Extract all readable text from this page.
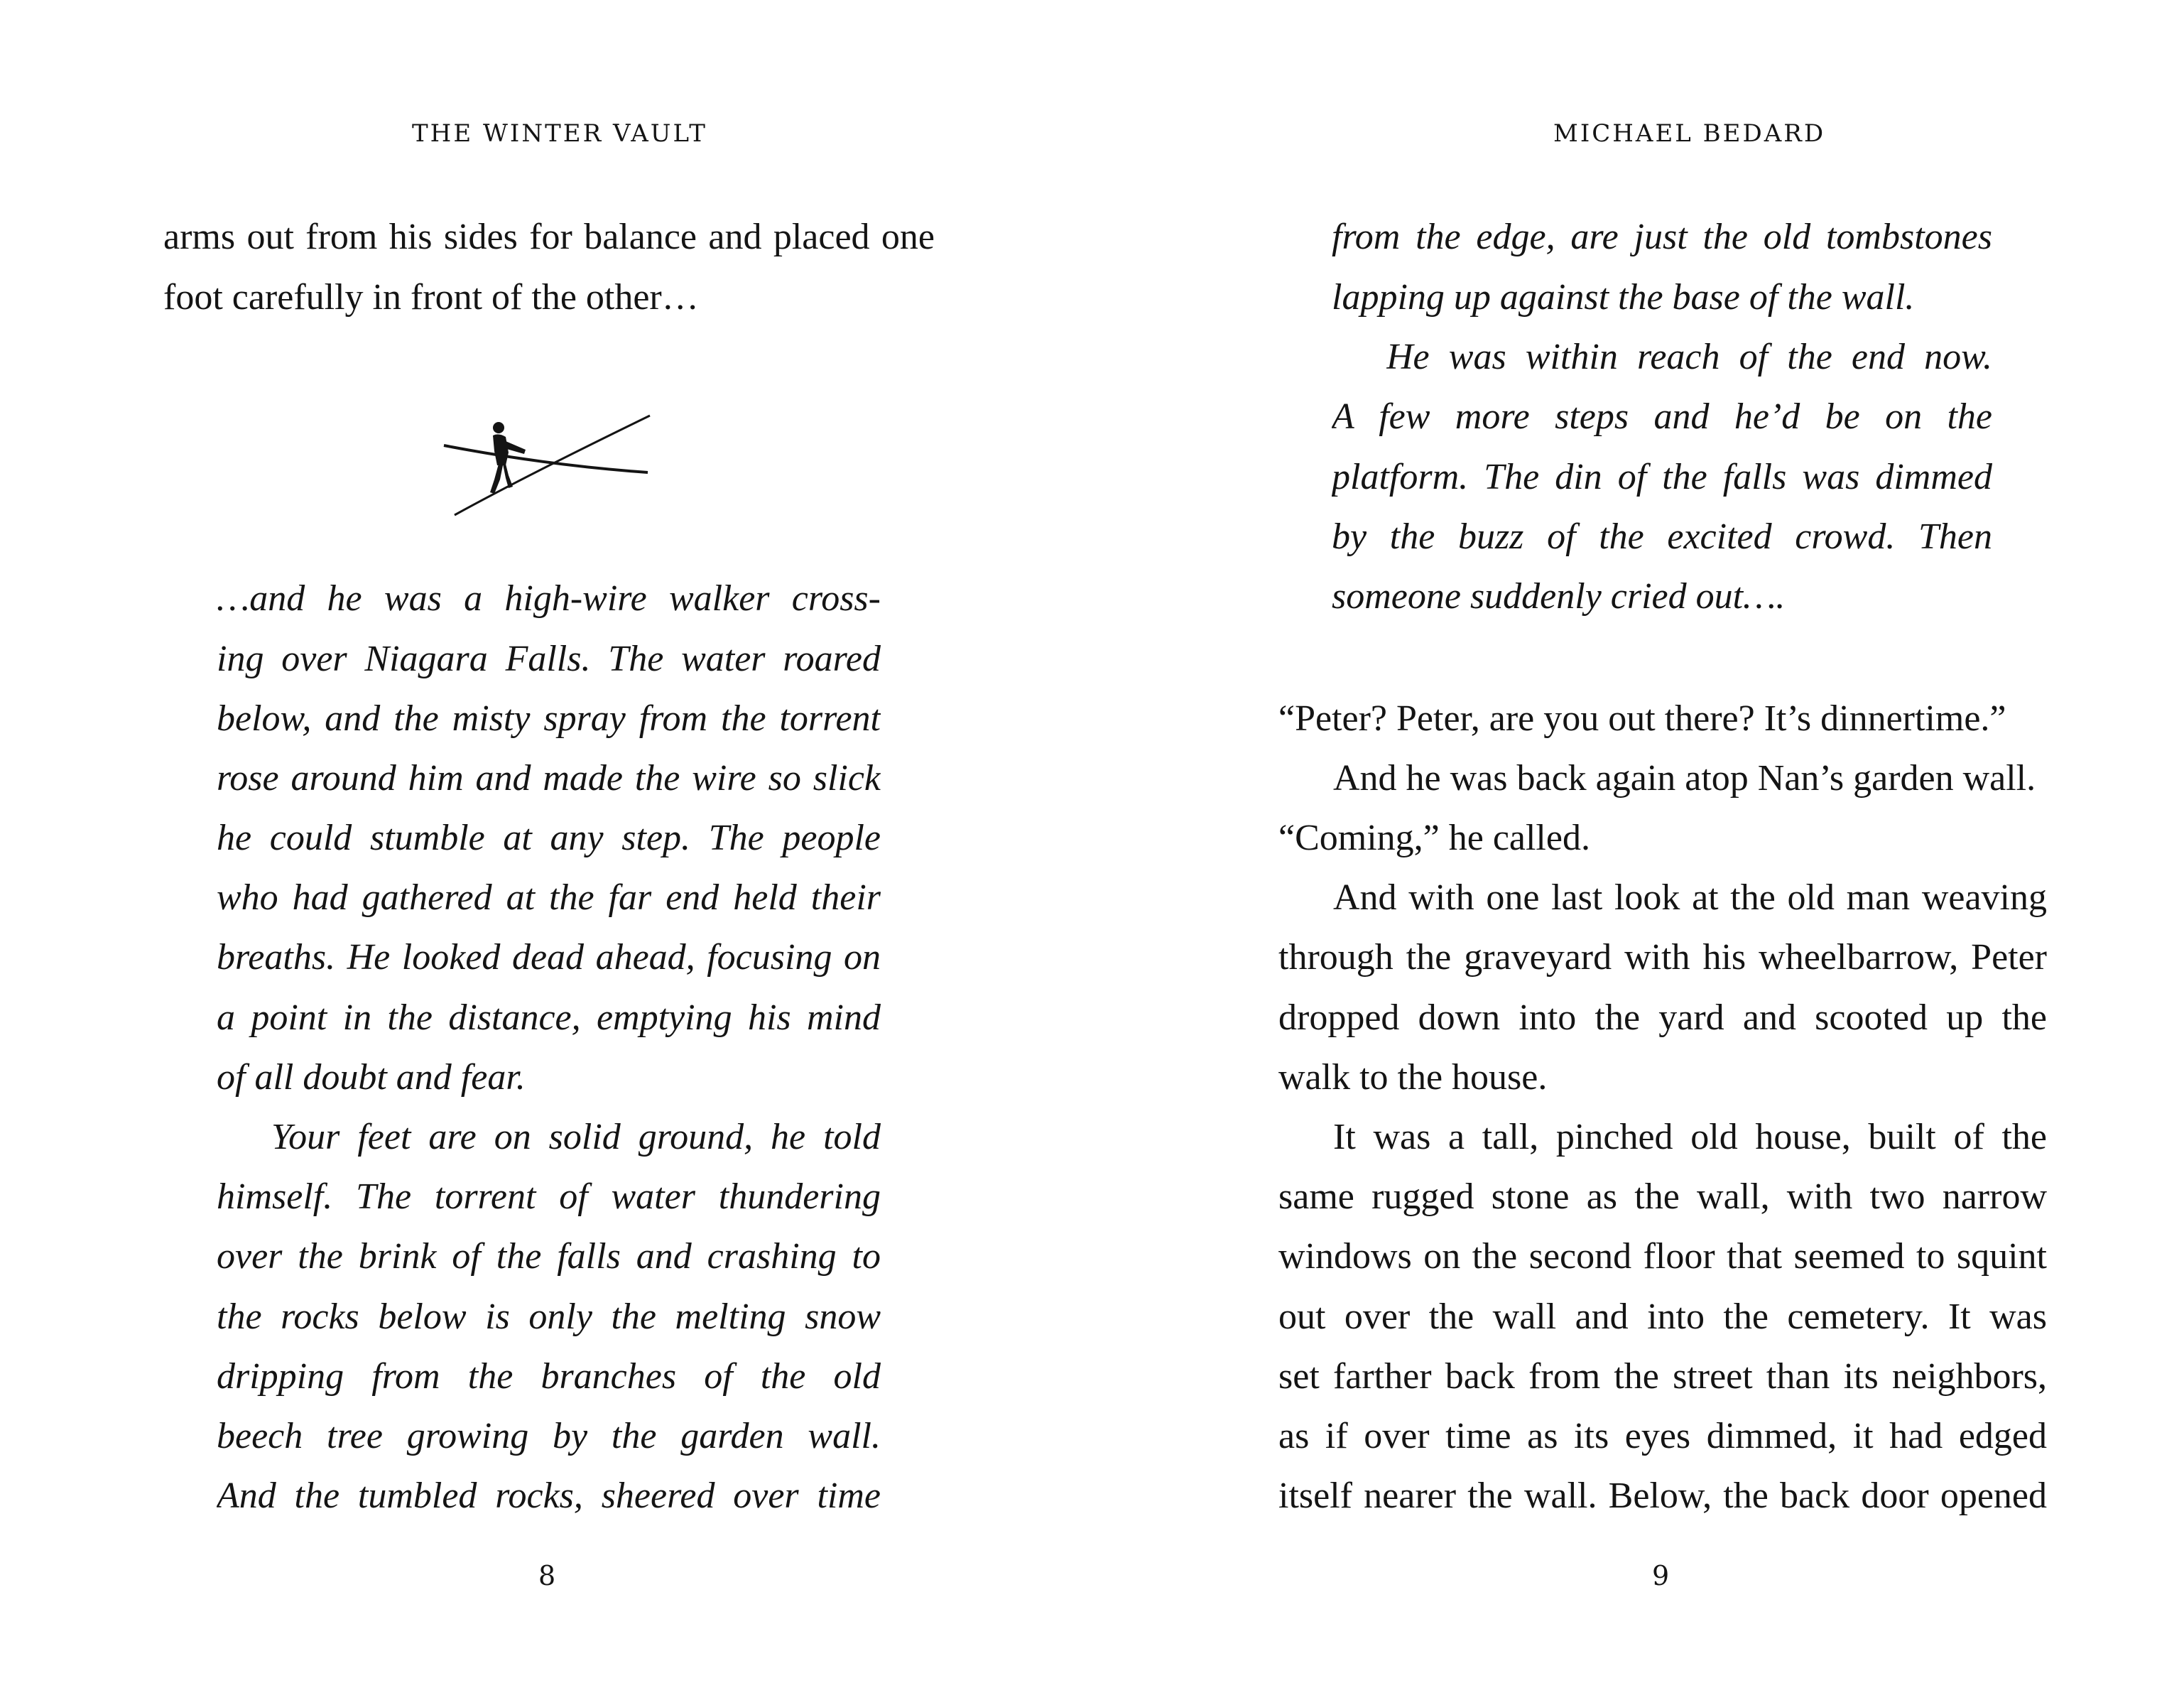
THE WINTER VAULT
arms out from his sides for balance and placed one
foot carefully in front of the other…
…and he was a high-wire walker cross-
ing over Niagara Falls. The water roared
below, and the misty spray from the torrent
rose around him and made the wire so slick
he could stumble at any step. The people
who had gathered at the far end held their
breaths. He looked dead ahead, focusing on
a point in the distance, emptying his mind
of all doubt and fear.
Your feet are on solid ground, he told
himself. The torrent of water thundering
over the brink of the falls and crashing to
the rocks below is only the melting snow
dripping from the branches of the old
beech tree growing by the garden wall.
And the tumbled rocks, sheered over time
8
MICHAEL BEDARD
from the edge, are just the old tombstones
lapping up against the base of the wall.
He was within reach of the end now.
A few more steps and he’d be on the
platform. The din of the falls was dimmed
by the buzz of the excited crowd. Then
someone suddenly cried out….
“Peter? Peter, are you out there? It’s dinnertime.”
And he was back again atop Nan’s garden wall.
“Coming,” he called.
And with one last look at the old man weaving
through the graveyard with his wheelbarrow, Peter
dropped down into the yard and scooted up the
walk to the house.
It was a tall, pinched old house, built of the
same rugged stone as the wall, with two narrow
windows on the second floor that seemed to squint
out over the wall and into the cemetery. It was
set farther back from the street than its neighbors,
as if over time as its eyes dimmed, it had edged
itself nearer the wall. Below, the back door opened
9
